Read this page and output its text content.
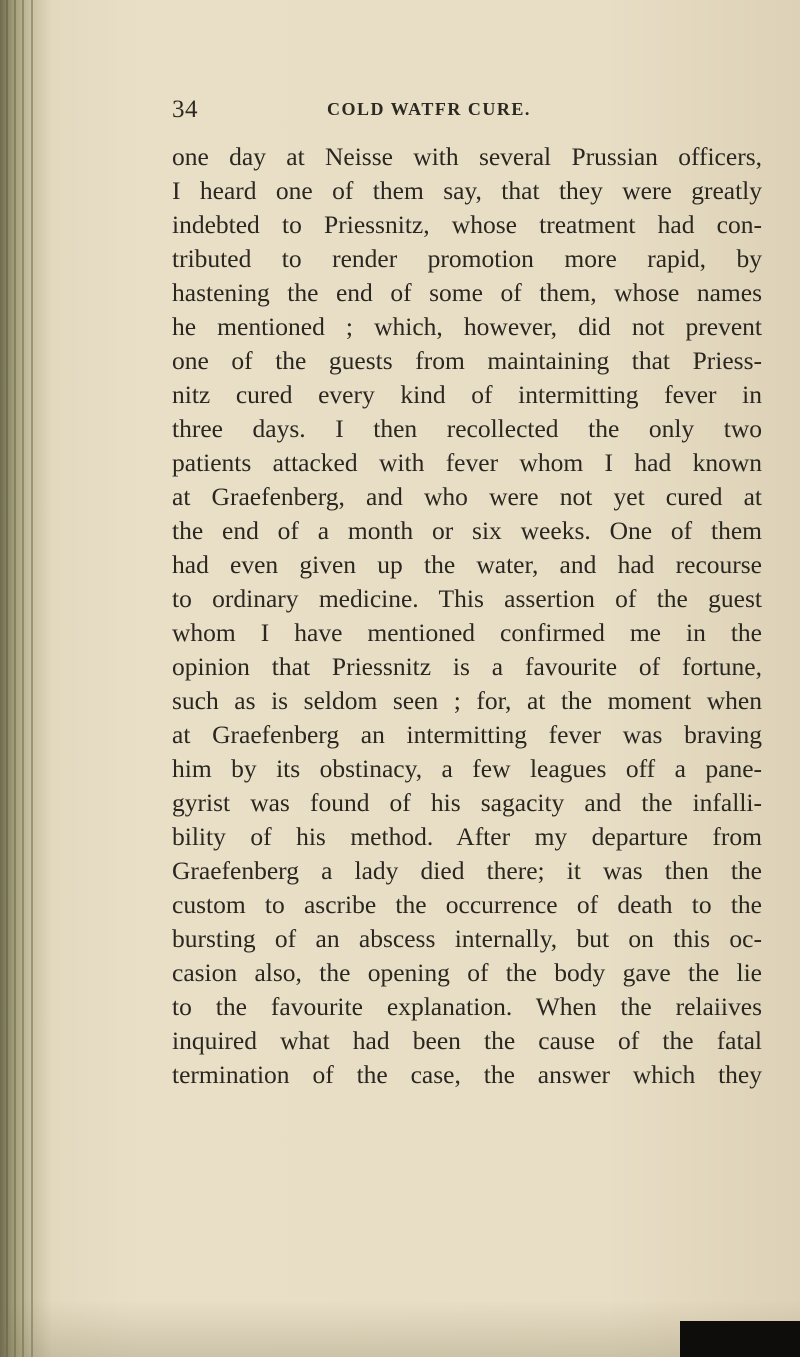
34	COLD WATFR CURE.
one day at Neisse with several Prussian officers,
I heard one of them say, that they were greatly
indebted to Priessnitz, whose treatment had con-
tributed to render promotion more rapid, by
hastening the end of some of them, whose names
he mentioned ; which, however, did not prevent
one of the guests from maintaining that Priess-
nitz cured every kind of intermitting fever in
three days. I then recollected the only two
patients attacked with fever whom I had known
at Graefenberg, and who were not yet cured at
the end of a month or six weeks. One of them
had even given up the water, and had recourse
to ordinary medicine. This assertion of the guest
whom I have mentioned confirmed me in the
opinion that Priessnitz is a favourite of fortune,
such as is seldom seen ; for, at the moment when
at Graefenberg an intermitting fever was braving
him by its obstinacy, a few leagues off a pane-
gyrist was found of his sagacity and the infalli-
bility of his method. After my departure from
Graefenberg a lady died there; it was then the
custom to ascribe the occurrence of death to the
bursting of an abscess internally, but on this oc-
casion also, the opening of the body gave the lie
to the favourite explanation. When the relaiives
inquired what had been the cause of the fatal
termination of the case, the answer which they
